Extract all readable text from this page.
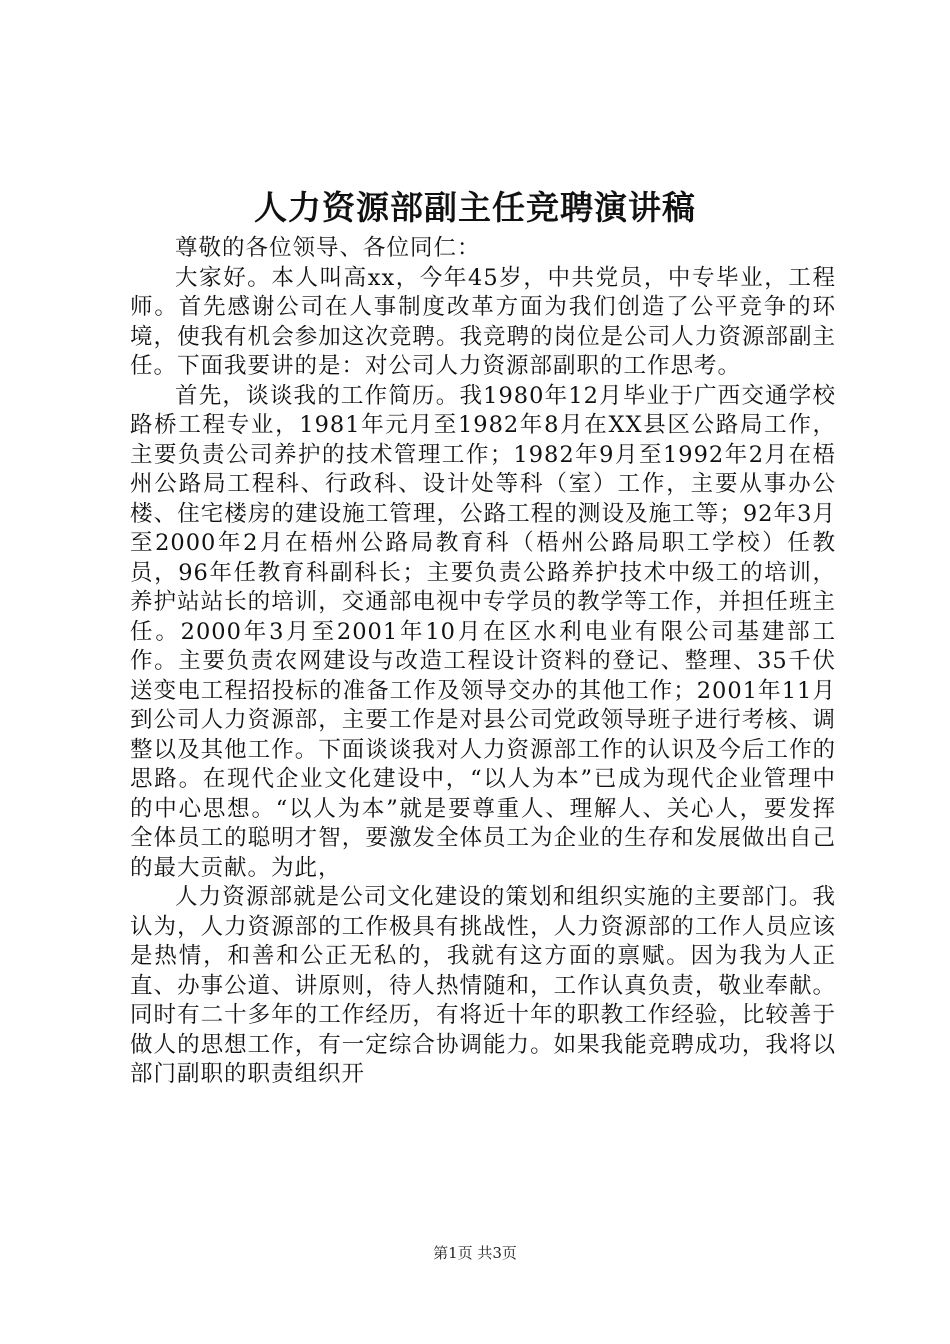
人力资源部副主任竞聘演讲稿

尊敬的各位领导、各位同仁：

大家好。本人叫高xx，今年45岁，中共党员，中专毕业，工程师。首先感谢公司在人事制度改革方面为我们创造了公平竞争的环境，使我有机会参加这次竞聘。我竞聘的岗位是公司人力资源部副主任。下面我要讲的是：对公司人力资源部副职的工作思考。

首先，谈谈我的工作简历。我1980年12月毕业于广西交通学校路桥工程专业，1981年元月至1982年8月在XX县区公路局工作，主要负责公司养护的技术管理工作；1982年9月至1992年2月在梧州公路局工程科、行政科、设计处等科（室）工作，主要从事办公楼、住宅楼房的建设施工管理，公路工程的测设及施工等；92年3月至2000年2月在梧州公路局教育科（梧州公路局职工学校）任教员，96年任教育科副科长；主要负责公路养护技术中级工的培训，养护站站长的培训，交通部电视中专学员的教学等工作，并担任班主任。2000年3月至2001年10月在区水利电业有限公司基建部工作。主要负责农网建设与改造工程设计资料的登记、整理、35千伏送变电工程招投标的准备工作及领导交办的其他工作；2001年11月到公司人力资源部，主要工作是对县公司党政领导班子进行考核、调整以及其他工作。下面谈谈我对人力资源部工作的认识及今后工作的思路。在现代企业文化建设中，“以人为本”已成为现代企业管理中的中心思想。“以人为本”就是要尊重人、理解人、关心人，要发挥全体员工的聪明才智，要激发全体员工为企业的生存和发展做出自己的最大贡献。为此，

人力资源部就是公司文化建设的策划和组织实施的主要部门。我认为，人力资源部的工作极具有挑战性，人力资源部的工作人员应该是热情，和善和公正无私的，我就有这方面的禀赋。因为我为人正直、办事公道、讲原则，待人热情随和，工作认真负责，敬业奉献。同时有二十多年的工作经历，有将近十年的职教工作经验，比较善于做人的思想工作，有一定综合协调能力。如果我能竞聘成功，我将以部门副职的职责组织开

第1页 共3页
